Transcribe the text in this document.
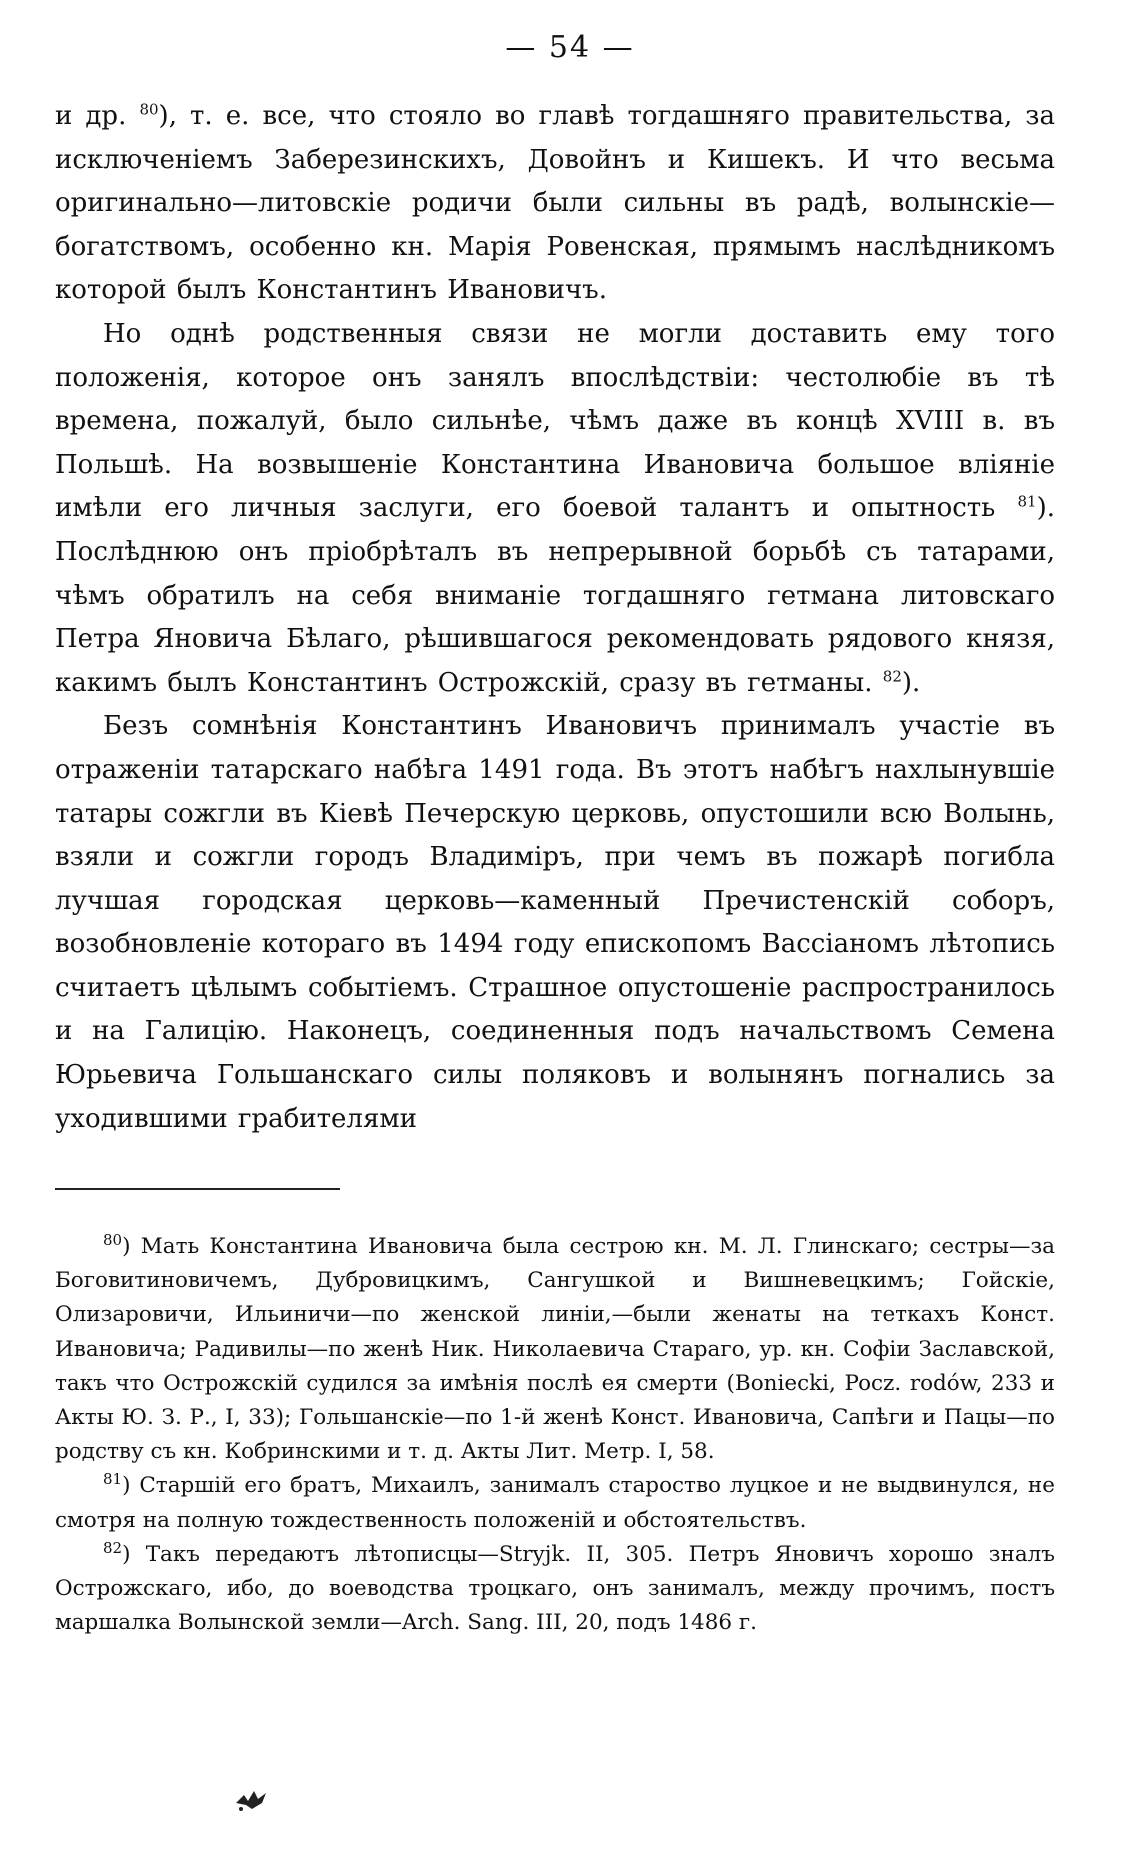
— 54 —

и др. $^{80}$), т. е. все, что стояло во главѣ тогдашняго правительства, за исключеніемъ Заберезинскихъ, Довойнъ и Кишекъ. И что весьма оригинально—литовскіе родичи были сильны въ радѣ, волынскіе—богатствомъ, особенно кн. Марія Ровенская, прямымъ наслѣдникомъ которой былъ Константинъ Ивановичъ.

Но однѣ родственныя связи не могли доставить ему того положенія, которое онъ занялъ впослѣдствіи: честолюбіе въ тѣ времена, пожалуй, было сильнѣе, чѣмъ даже въ концѣ XVIII в. въ Польшѣ. На возвышеніе Константина Ивановича большое вліяніе имѣли его личныя заслуги, его боевой талантъ и опытность $^{81}$). Послѣднюю онъ пріобрѣталъ въ непрерывной борьбѣ съ татарами, чѣмъ обратилъ на себя вниманіе тогдашняго гетмана литовскаго Петра Яновича Бѣлаго, рѣшившагося рекомендовать рядового князя, какимъ былъ Константинъ Острожскій, сразу въ гетманы. $^{82}$).

Безъ сомнѣнія Константинъ Ивановичъ принималъ участіе въ отраженіи татарскаго набѣга 1491 года. Въ этотъ набѣгъ нахлынувшіе татары сожгли въ Кіевѣ Печерскую церковь, опустошили всю Волынь, взяли и сожгли городъ Владиміръ, при чемъ въ пожарѣ погибла лучшая городская церковь—каменный Пречистенскій соборъ, возобновленіе котораго въ 1494 году епископомъ Вассіаномъ лѣтопись считаетъ цѣлымъ событіемъ. Страшное опустошеніе распространилось и на Галицію. Наконецъ, соединенныя подъ начальствомъ Семена Юрьевича Гольшанскаго силы поляковъ и волынянъ погнались за уходившими грабителями

$^{80}$) Мать Константина Ивановича была сестрою кн. М. Л. Глинскаго; сестры—за Боговитиновичемъ, Дубровицкимъ, Сангушкой и Вишневецкимъ; Гойскіе, Олизаровичи, Ильиничи—по женской линіи,—были женаты на теткахъ Конст. Ивановича; Радивилы—по женѣ Ник. Николаевича Стараго, ур. кн. Софіи Заславской, такъ что Острожскій судился за имѣнія послѣ ея смерти (Boniecki, Pocz. rodów, 233 и Акты Ю. З. Р., I, 33); Гольшанскіе—по 1-й женѣ Конст. Ивановича, Сапѣги и Пацы—по родству съ кн. Кобринскими и т. д. Акты Лит. Метр. I, 58.

$^{81}$) Старшій его братъ, Михаилъ, занималъ староство луцкое и не выдвинулся, не смотря на полную тождественность положеній и обстоятельствъ.

$^{82}$) Такъ передаютъ лѣтописцы—Stryjk. II, 305. Петръ Яновичъ хорошо зналъ Острожскаго, ибо, до воеводства троцкаго, онъ занималъ, между прочимъ, постъ маршалка Волынской земли—Arch. Sang. III, 20, подъ 1486 г.
